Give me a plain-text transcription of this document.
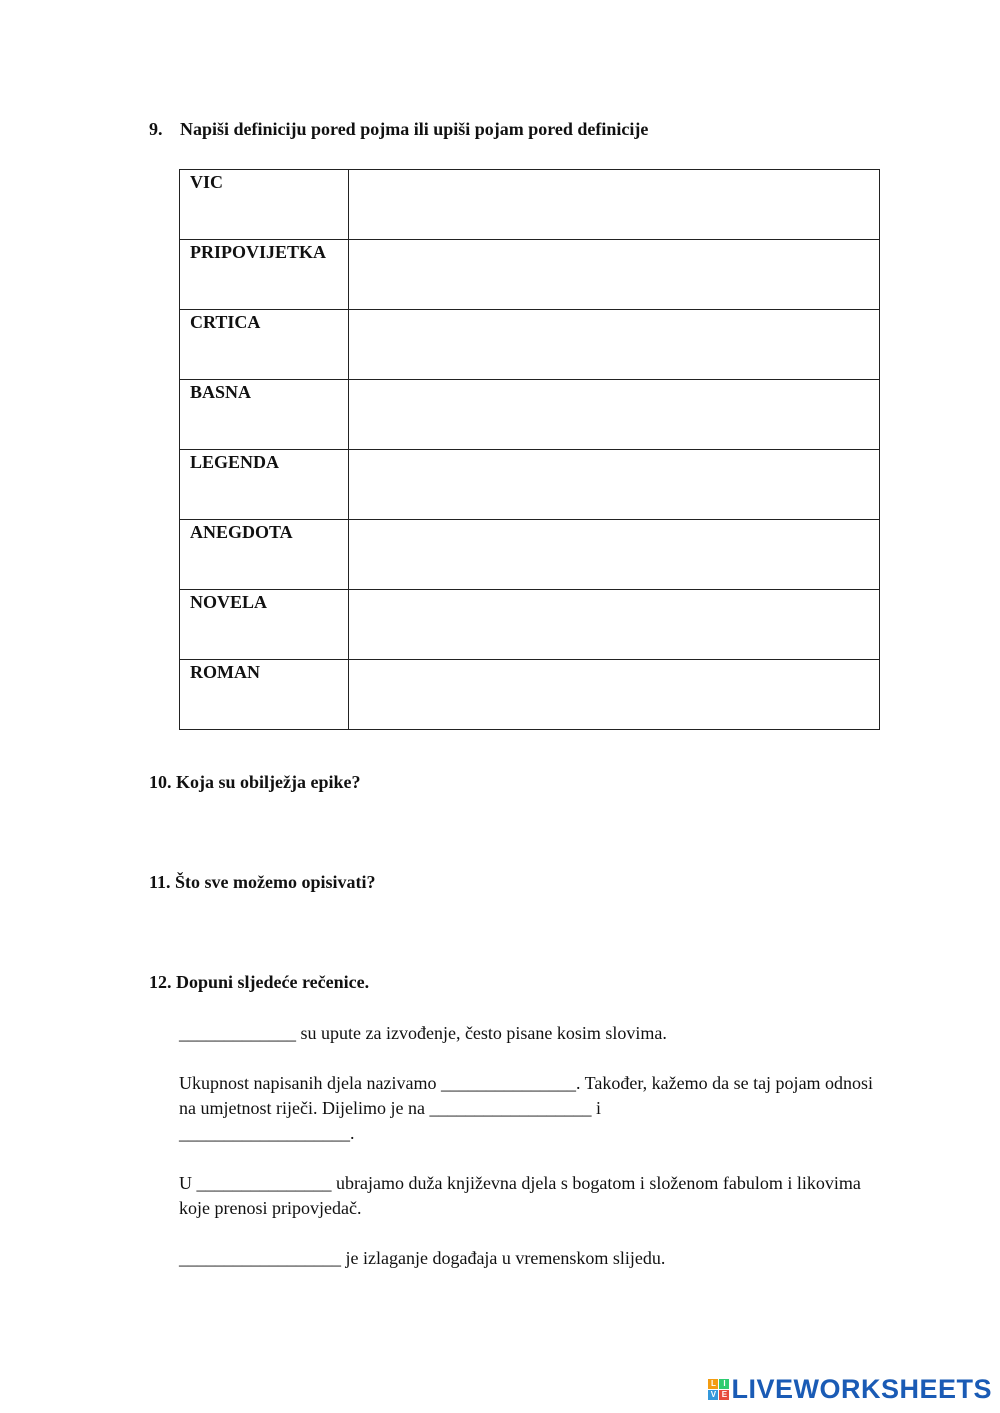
9. Napiši definiciju pored pojma ili upiši pojam pored definicije

VIC	
PRIPOVIJETKA	
CRTICA	
BASNA	
LEGENDA	
ANEGDOTA	
NOVELA	
ROMAN	

10. Koja su obilježja epike?

11. Što sve možemo opisivati?

12. Dopuni sljedeće rečenice.

_____________ su upute za izvođenje, često pisane kosim slovima.

Ukupnost napisanih djela nazivamo _______________. Također, kažemo da se taj pojam odnosi na umjetnost riječi. Dijelimo je na __________________ i
___________________.

U _______________ ubrajamo duža književna djela s bogatom i složenom fabulom i likovima koje prenosi pripovjedač.

__________________ je izlaganje događaja u vremenskom slijedu.

L I
V E LIVEWORKSHEETS
